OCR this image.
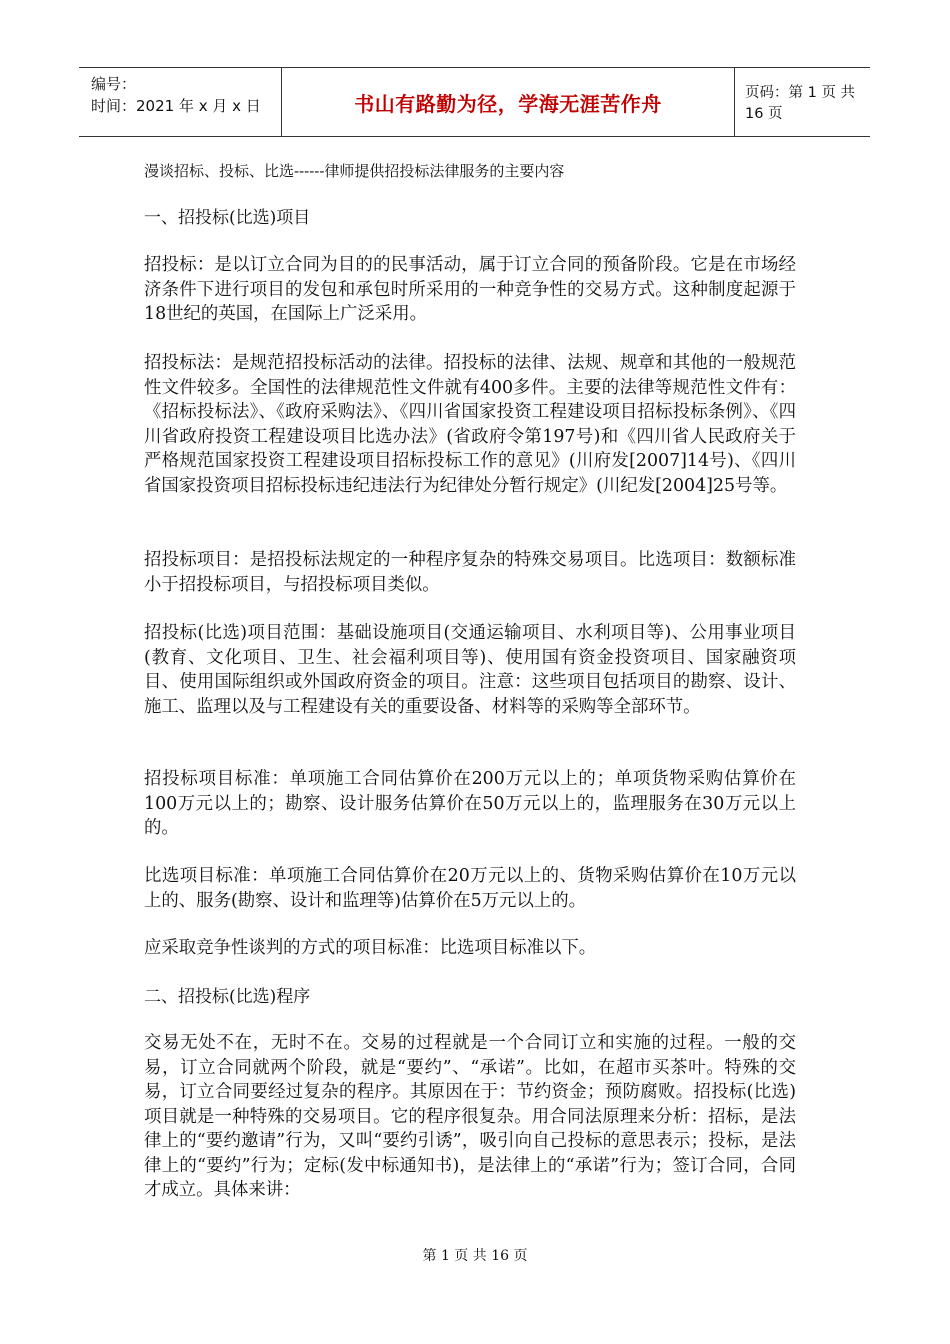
编号：
时间：2021 年 x 月 x 日	书山有路勤为径，学海无涯苦作舟	页码：第 1 页 共 16 页
漫谈招标、投标、比选------律师提供招投标法律服务的主要内容
一、招投标(比选)项目

招投标：是以订立合同为目的的民事活动，属于订立合同的预备阶段。它是在市场经济条件下进行项目的发包和承包时所采用的一种竞争性的交易方式。这种制度起源于18世纪的英国，在国际上广泛采用。

招投标法：是规范招投标活动的法律。招投标的法律、法规、规章和其他的一般规范性文件较多。全国性的法律规范性文件就有400多件。主要的法律等规范性文件有：《招标投标法》、《政府采购法》、《四川省国家投资工程建设项目招标投标条例》、《四川省政府投资工程建设项目比选办法》(省政府令第197号)和《四川省人民政府关于严格规范国家投资工程建设项目招标投标工作的意见》(川府发[2007]14号)、《四川省国家投资项目招标投标违纪违法行为纪律处分暂行规定》(川纪发[2004]25号等。

招投标项目：是招投标法规定的一种程序复杂的特殊交易项目。比选项目：数额标准小于招投标项目，与招投标项目类似。

招投标(比选)项目范围：基础设施项目(交通运输项目、水利项目等)、公用事业项目(教育、文化项目、卫生、社会福利项目等)、使用国有资金投资项目、国家融资项目、使用国际组织或外国政府资金的项目。注意：这些项目包括项目的勘察、设计、施工、监理以及与工程建设有关的重要设备、材料等的采购等全部环节。

招投标项目标准：单项施工合同估算价在200万元以上的；单项货物采购估算价在100万元以上的；勘察、设计服务估算价在50万元以上的，监理服务在30万元以上的。

比选项目标准：单项施工合同估算价在20万元以上的、货物采购估算价在10万元以上的、服务(勘察、设计和监理等)估算价在5万元以上的。

应采取竞争性谈判的方式的项目标准：比选项目标准以下。

二、招投标(比选)程序

交易无处不在，无时不在。交易的过程就是一个合同订立和实施的过程。一般的交易，订立合同就两个阶段，就是“要约”、“承诺”。比如，在超市买茶叶。特殊的交易，订立合同要经过复杂的程序。其原因在于：节约资金；预防腐败。招投标(比选)项目就是一种特殊的交易项目。它的程序很复杂。用合同法原理来分析：招标，是法律上的“要约邀请”行为，又叫“要约引诱”，吸引向自己投标的意思表示；投标，是法律上的“要约”行为；定标(发中标通知书)，是法律上的“承诺”行为；签订合同，合同才成立。具体来讲：

第 1 页 共 16 页
